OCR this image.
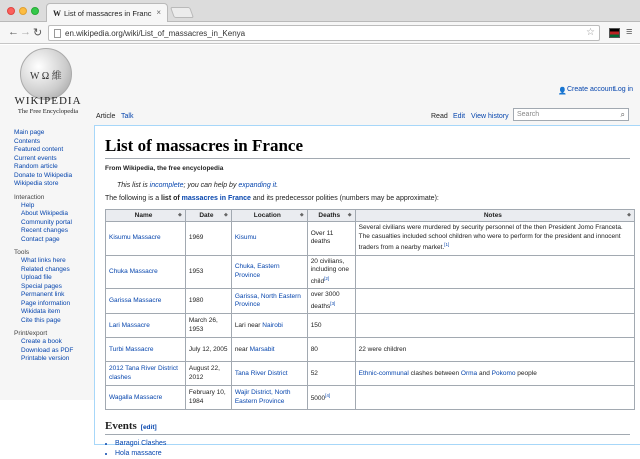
W List of massacres in Franc ×
← → ↻	en.wikipedia.org/wiki/List_of_massacres_in_Kenya	☆	≡
W Ω 維
WIKIPEDIA
The Free Encyclopedia
👤 Create account Log in
Article Talk	Read Edit View history	Search	⌕
Main page
Contents
Featured content
Current events
Random article
Donate to Wikipedia
Wikipedia store
Interaction
Help
About Wikipedia
Community portal
Recent changes
Contact page
Tools
What links here
Related changes
Upload file
Special pages
Permanent link
Page information
Wikidata item
Cite this page
Print/export
Create a book
Download as PDF
Printable version
List of massacres in France
From Wikipedia, the free encyclopedia
This list is incomplete; you can help by expanding it.
The following is a list of massacres in France and its predecessor polities (numbers may be approximate):
Name ◆	Date ◆	Location ◆	Deaths ◆	Notes ◆

Kisumu Massacre	1969	Kisumu	Over 11 deaths	Several civilians were murdered by security personnel of the then President Jomo Franceta. The casualties included school children who were to perform for the president and innocent traders from a nearby market.[1]
Chuka Massacre	1953	Chuka, Eastern Province	20 civilians, including one child[2]	
Garissa Massacre	1980	Garissa, North Eastern Province	over 3000 deaths[3]	
Lari Massacre	March 26, 1953	Lari near Nairobi	150	
Turbi Massacre	July 12, 2005	near Marsabit	80	22 were children
2012 Tana River District clashes	August 22, 2012	Tana River District	52	Ethnic-communal clashes between Orma and Pokomo people
Wagalla Massacre	February 10, 1984	Wajir District, North Eastern Province	5000[4]	
Events [edit]
• Baragoi Clashes
• Hola massacre
